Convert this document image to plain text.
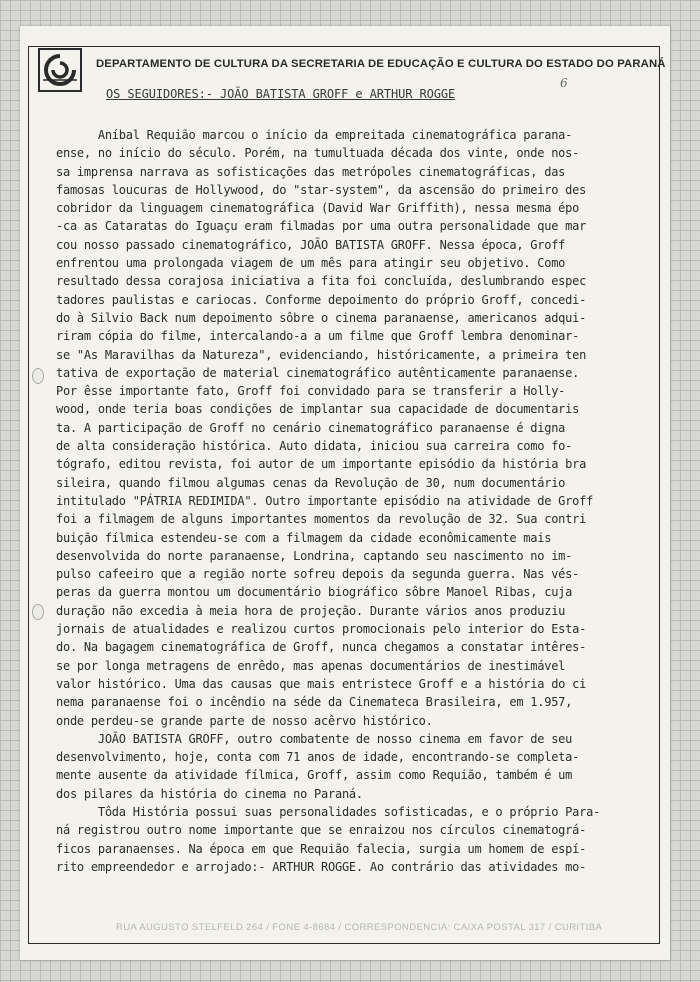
DEPARTAMENTO DE CULTURA DA SECRETARIA DE EDUCAÇÃO E CULTURA DO ESTADO DO PARANÁ
6
OS SEGUIDORES:- JOÃO BATISTA GROFF e ARTHUR ROGGE
Aníbal Requião marcou o início da empreitada cinematográfica parana-
ense, no início do século. Porém, na tumultuada década dos vinte, onde nos-
sa imprensa narrava as sofisticações das metrópoles cinematográficas, das
famosas loucuras de Hollywood, do "star-system", da ascensão do primeiro des
cobridor da linguagem cinematográfica (David War Griffith), nessa mesma épo
-ca as Cataratas do Iguaçu eram filmadas por uma outra personalidade que mar
cou nosso passado cinematográfico, JOÃO BATISTA GROFF. Nessa época, Groff
enfrentou uma prolongada viagem de um mês para atingir seu objetivo. Como
resultado dessa corajosa iniciativa a fita foi concluída, deslumbrando espec
tadores paulistas e cariocas. Conforme depoimento do próprio Groff, concedi-
do à Silvio Back num depoimento sôbre o cinema paranaense, americanos adqui-
riram cópia do filme, intercalando-a a um filme que Groff lembra denominar-
se "As Maravilhas da Natureza", evidenciando, históricamente, a primeira ten
tativa de exportação de material cinematográfico autênticamente paranaense.
Por êsse importante fato, Groff foi convidado para se transferir a Holly-
wood, onde teria boas condições de implantar sua capacidade de documentaris
ta. A participação de Groff no cenário cinematográfico paranaense é digna
de alta consideração histórica. Auto didata, iniciou sua carreira como fo-
tógrafo, editou revista, foi autor de um importante episódio da história bra
sileira, quando filmou algumas cenas da Revolução de 30, num documentário
intitulado "PÁTRIA REDIMIDA". Outro importante episódio na atividade de Groff
foi a filmagem de alguns importantes momentos da revolução de 32. Sua contri
buição fílmica estendeu-se com a filmagem da cidade econômicamente mais
desenvolvida do norte paranaense, Londrina, captando seu nascimento no im-
pulso cafeeiro que a região norte sofreu depois da segunda guerra. Nas vés-
peras da guerra montou um documentário biográfico sôbre Manoel Ribas, cuja
duração não excedia à meia hora de projeção. Durante vários anos produziu
jornais de atualidades e realizou curtos promocionais pelo interior do Esta-
do. Na bagagem cinematográfica de Groff, nunca chegamos a constatar intêres-
se por longa metragens de enrêdo, mas apenas documentários de inestimável
valor histórico. Uma das causas que mais entristece Groff e a história do ci
nema paranaense foi o incêndio na séde da Cinemateca Brasileira, em 1.957,
onde perdeu-se grande parte de nosso acêrvo histórico.
JOÃO BATISTA GROFF, outro combatente de nosso cinema em favor de seu
desenvolvimento, hoje, conta com 71 anos de idade, encontrando-se completa-
mente ausente da atividade fílmica, Groff, assim como Requião, também é um
dos pilares da história do cinema no Paraná.
Tôda História possui suas personalidades sofisticadas, e o próprio Para-
ná registrou outro nome importante que se enraizou nos círculos cinematográ-
ficos paranaenses. Na época em que Requião falecia, surgia um homem de espí-
rito empreendedor e arrojado:- ARTHUR ROGGE. Ao contrário das atividades mo-
RUA AUGUSTO STELFELD 264 / FONE 4-8684 / CORRESPONDENCIA: CAIXA POSTAL 317 / CURITIBA
